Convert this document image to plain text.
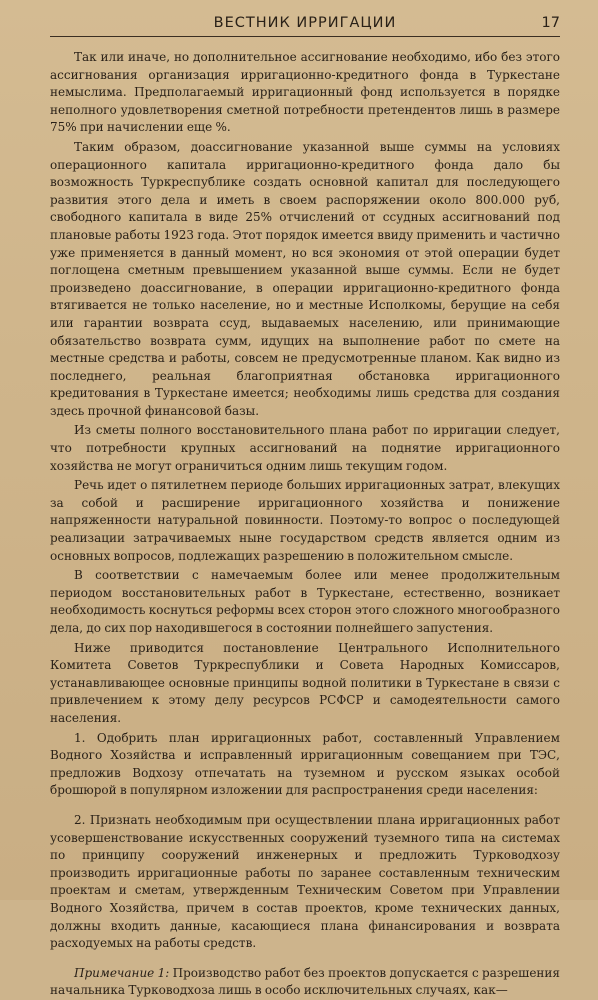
ВЕСТНИК ИРРИГАЦИИ	17

Так или иначе, но дополнительное ассигнование необходимо, ибо без этого ассигнования организация ирригационно-кредитного фонда в Туркестане немыслима. Предполагаемый ирригационный фонд используется в порядке неполного удовлетворения сметной потребности претендентов лишь в размере 75% при начислении еще %.

Таким образом, доассигнование указанной выше суммы на условиях операционного капитала ирригационно-кредитного фонда дало бы возможность Туркреспублике создать основной капитал для последующего развития этого дела и иметь в своем распоряжении около 800.000 руб, свободного капитала в виде 25% отчислений от ссудных ассигнований под плановые работы 1923 года. Этот порядок имеется ввиду применить и частично уже применяется в данный момент, но вся экономия от этой операции будет поглощена сметным превышением указанной выше суммы. Если не будет произведено доассигнование, в операции ирригационно-кредитного фонда втягивается не только население, но и местные Исполкомы, берущие на себя или гарантии возврата ссуд, выдаваемых населению, или принимающие обязательство возврата сумм, идущих на выполнение работ по смете на местные средства и работы, совсем не предусмотренные планом. Как видно из последнего, реальная благоприятная обстановка ирригационного кредитования в Туркестане имеется; необходимы лишь средства для создания здесь прочной финансовой базы.

Из сметы полного восстановительного плана работ по ирригации следует, что потребности крупных ассигнований на поднятие ирригационного хозяйства не могут ограничиться одним лишь текущим годом.

Речь идет о пятилетнем периоде больших ирригационных затрат, влекущих за собой и расширение ирригационного хозяйства и понижение напряженности натуральной повинности. Поэтому-то вопрос о последующей реализации затрачиваемых ныне государством средств является одним из основных вопросов, подлежащих разрешению в положительном смысле.

В соответствии с намечаемым более или менее продолжительным периодом восстановительных работ в Туркестане, естественно, возникает необходимость коснуться реформы всех сторон этого сложного многообразного дела, до сих пор находившегося в состоянии полнейшего запустения.

Ниже приводится постановление Центрального Исполнительного Комитета Советов Туркреспублики и Совета Народных Комиссаров, устанавливающее основные принципы водной политики в Туркестане в связи с привлечением к этому делу ресурсов РСФСР и самодеятельности самого населения.

1. Одобрить план ирригационных работ, составленный Управлением Водного Хозяйства и исправленный ирригационным совещанием при ТЭС, предложив Водхозу отпечатать на туземном и русском языках особой брошюрой в популярном изложении для распространения среди населения:

2. Признать необходимым при осуществлении плана ирригационных работ усовершенствование искусственных сооружений туземного типа на системах по принципу сооружений инженерных и предложить Турководхозу производить ирригационные работы по заранее составленным техническим проектам и сметам, утвержденным Техническим Советом при Управлении Водного Хозяйства, причем в состав проектов, кроме технических данных, должны входить данные, касающиеся плана финансирования и возврата расходуемых на работы средств.

Примечание 1: Производство работ без проектов допускается с разрешения начальника Турководхоза лишь в особо исключительных случаях, как—
